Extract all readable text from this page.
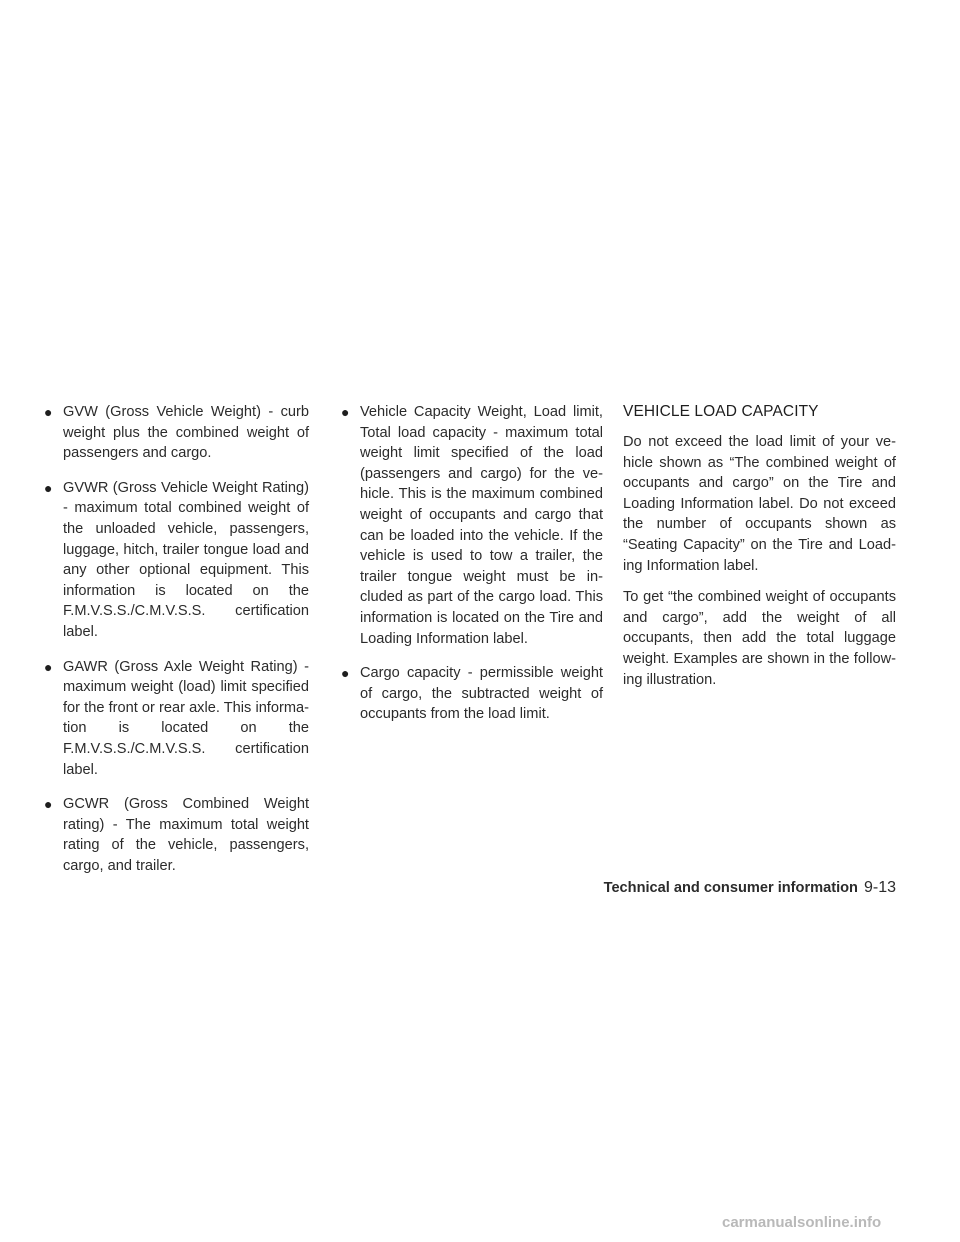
● GVW (Gross Vehicle Weight) - curb weight plus the combined weight of passengers and cargo.
● GVWR (Gross Vehicle Weight Rating) - maximum total combined weight of the unloaded vehicle, passengers, luggage, hitch, trailer tongue load and any other optional equipment. This information is located on the F.M.V.S.S./C.M.V.S.S. certification label.
● GAWR (Gross Axle Weight Rating) - maximum weight (load) limit specified for the front or rear axle. This information is located on the F.M.V.S.S./C.M.V.S.S. certification label.
● GCWR (Gross Combined Weight rating) - The maximum total weight rating of the vehicle, passengers, cargo, and trailer.
● Vehicle Capacity Weight, Load limit, Total load capacity - maximum total weight limit specified of the load (passengers and cargo) for the vehicle. This is the maximum combined weight of occupants and cargo that can be loaded into the vehicle. If the vehicle is used to tow a trailer, the trailer tongue weight must be included as part of the cargo load. This information is located on the Tire and Loading Information label.
● Cargo capacity - permissible weight of cargo, the subtracted weight of occupants from the load limit.
VEHICLE LOAD CAPACITY

Do not exceed the load limit of your vehicle shown as “The combined weight of occupants and cargo” on the Tire and Loading Information label. Do not exceed the number of occupants shown as “Seating Capacity” on the Tire and Loading Information label.

To get “the combined weight of occupants and cargo”, add the weight of all occupants, then add the total luggage weight. Examples are shown in the following illustration.

Technical and consumer information 9-13
carmanualsonline.info
